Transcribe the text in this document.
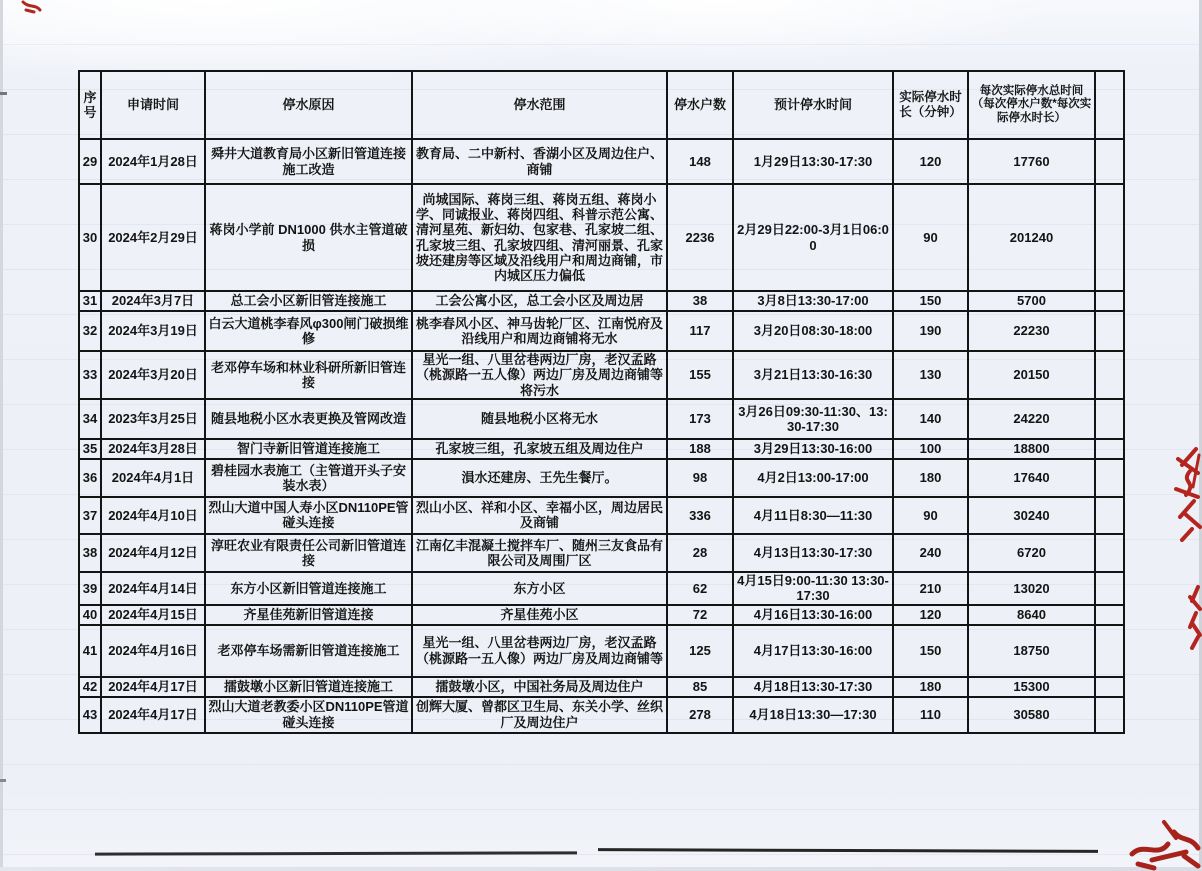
序号	申请时间	停水原因	停水范围	停水户数	预计停水时间	实际停水时长（分钟）	每次实际停水总时间（每次停水户数*每次实际停水时长）	
29	2024年1月28日	舜井大道教育局小区新旧管道连接施工改造	教育局、二中新村、香湖小区及周边住户、商铺	148	1月29日13:30-17:30	120	17760	
30	2024年2月29日	蒋岗小学前 DN1000 供水主管道破损	尚城国际、蒋岗三组、蒋岗五组、蒋岗小学、同诚报业、蒋岗四组、科普示范公寓、清河星苑、新妇幼、包家巷、孔家坡二组、孔家坡三组、孔家坡四组、清河丽景、孔家坡还建房等区域及沿线用户和周边商铺，市内城区压力偏低	2236	2月29日22:00-3月1日06:00	90	201240	
31	2024年3月7日	总工会小区新旧管连接施工	工会公寓小区，总工会小区及周边居	38	3月8日13:30-17:00	150	5700	
32	2024年3月19日	白云大道桃李春风φ300闸门破损维修	桃李春风小区、神马齿轮厂区、江南悦府及沿线用户和周边商铺将无水	117	3月20日08:30-18:00	190	22230	
33	2024年3月20日	老邓停车场和林业科研所新旧管连接	星光一组、八里岔巷两边厂房，老汉孟路（桃源路一五人像）两边厂房及周边商铺等将污水	155	3月21日13:30-16:30	130	20150	
34	2023年3月25日	随县地税小区水表更换及管网改造	随县地税小区将无水	173	3月26日09:30-11:30、13:30-17:30	140	24220	
35	2024年3月28日	智门寺新旧管道连接施工	孔家坡三组，孔家坡五组及周边住户	188	3月29日13:30-16:00	100	18800	
36	2024年4月1日	碧桂园水表施工（主管道开头子安装水表）	溳水还建房、王先生餐厅。	98	4月2日13:00-17:00	180	17640	
37	2024年4月10日	烈山大道中国人寿小区DN110PE管碰头连接	烈山小区、祥和小区、幸福小区，周边居民及商铺	336	4月11日8:30—11:30	90	30240	
38	2024年4月12日	淳旺农业有限责任公司新旧管道连接	江南亿丰混凝土搅拌车厂、随州三友食品有限公司及周围厂区	28	4月13日13:30-17:30	240	6720	
39	2024年4月14日	东方小区新旧管道连接施工	东方小区	62	4月15日9:00-11:30 13:30-17:30	210	13020	
40	2024年4月15日	齐星佳苑新旧管道连接	齐星佳苑小区	72	4月16日13:30-16:00	120	8640	
41	2024年4月16日	老邓停车场需新旧管道连接施工	星光一组、八里岔巷两边厂房，老汉孟路（桃源路一五人像）两边厂房及周边商铺等	125	4月17日13:30-16:00	150	18750	
42	2024年4月17日	擂鼓墩小区新旧管道连接施工	擂鼓墩小区，中国社务局及周边住户	85	4月18日13:30-17:30	180	15300	
43	2024年4月17日	烈山大道老教委小区DN110PE管道碰头连接	创辉大厦、曾都区卫生局、东关小学、丝织厂及周边住户	278	4月18日13:30—17:30	110	30580	
